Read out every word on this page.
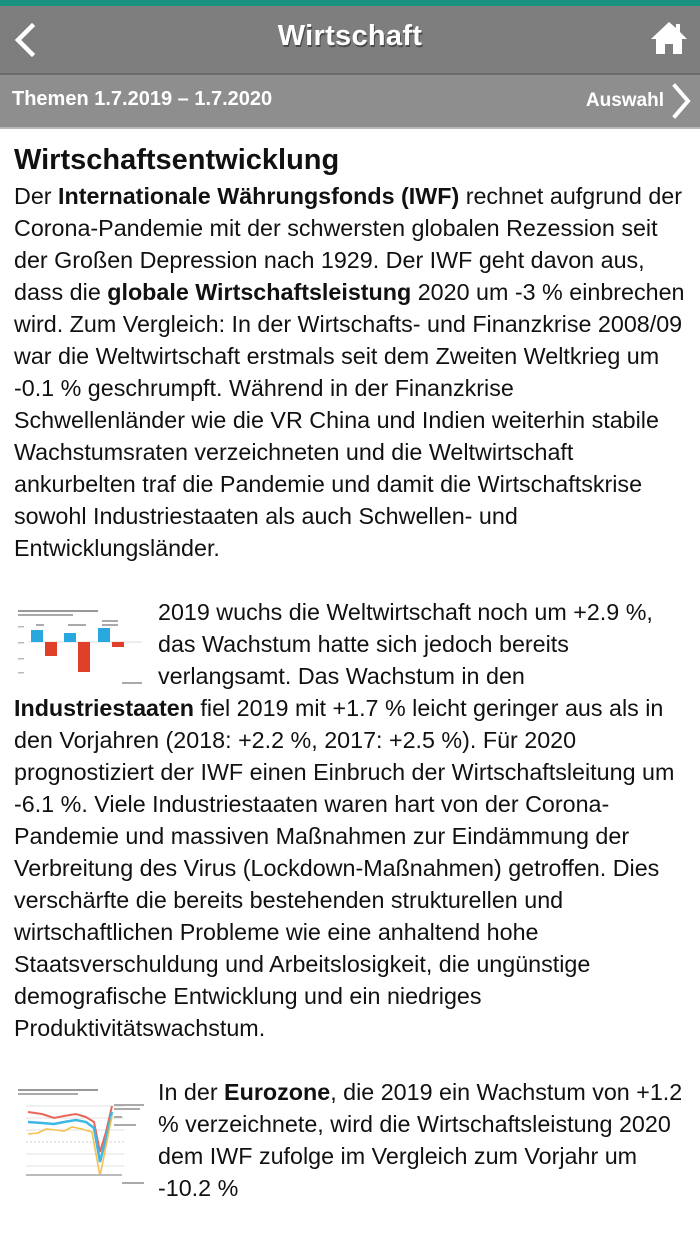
Wirtschaft
Themen 1.7.2019 – 1.7.2020	Auswahl
Wirtschaftsentwicklung

Der Internationale Währungsfonds (IWF) rechnet aufgrund der Corona-Pandemie mit der schwersten globalen Rezession seit der Großen Depression nach 1929. Der IWF geht davon aus, dass die globale Wirtschaftsleistung 2020 um -3 % einbrechen wird. Zum Vergleich: In der Wirtschafts- und Finanzkrise 2008/09 war die Weltwirtschaft erstmals seit dem Zweiten Weltkrieg um -0.1 % geschrumpft. Während in der Finanzkrise Schwellenländer wie die VR China und Indien weiterhin stabile Wachstumsraten verzeichneten und die Weltwirtschaft ankurbelten traf die Pandemie und damit die Wirtschaftskrise sowohl Industriestaaten als auch Schwellen- und Entwicklungsländer.

2019 wuchs die Weltwirtschaft noch um +2.9 %, das Wachstum hatte sich jedoch bereits verlangsamt. Das Wachstum in den Industriestaaten fiel 2019 mit +1.7 % leicht geringer aus als in den Vorjahren (2018: +2.2 %, 2017: +2.5 %). Für 2020 prognostiziert der IWF einen Einbruch der Wirtschaftsleitung um -6.1 %. Viele Industriestaaten waren hart von der Corona-Pandemie und massiven Maßnahmen zur Eindämmung der Verbreitung des Virus (Lockdown-Maßnahmen) getroffen. Dies verschärfte die bereits bestehenden strukturellen und wirtschaftlichen Probleme wie eine anhaltend hohe Staatsverschuldung und Arbeitslosigkeit, die ungünstige demografische Entwicklung und ein niedriges Produktivitätswachstum.

In der Eurozone, die 2019 ein Wachstum von +1.2 % verzeichnete, wird die Wirtschaftsleistung 2020 dem IWF zufolge im Vergleich zum Vorjahr um -10.2 %
